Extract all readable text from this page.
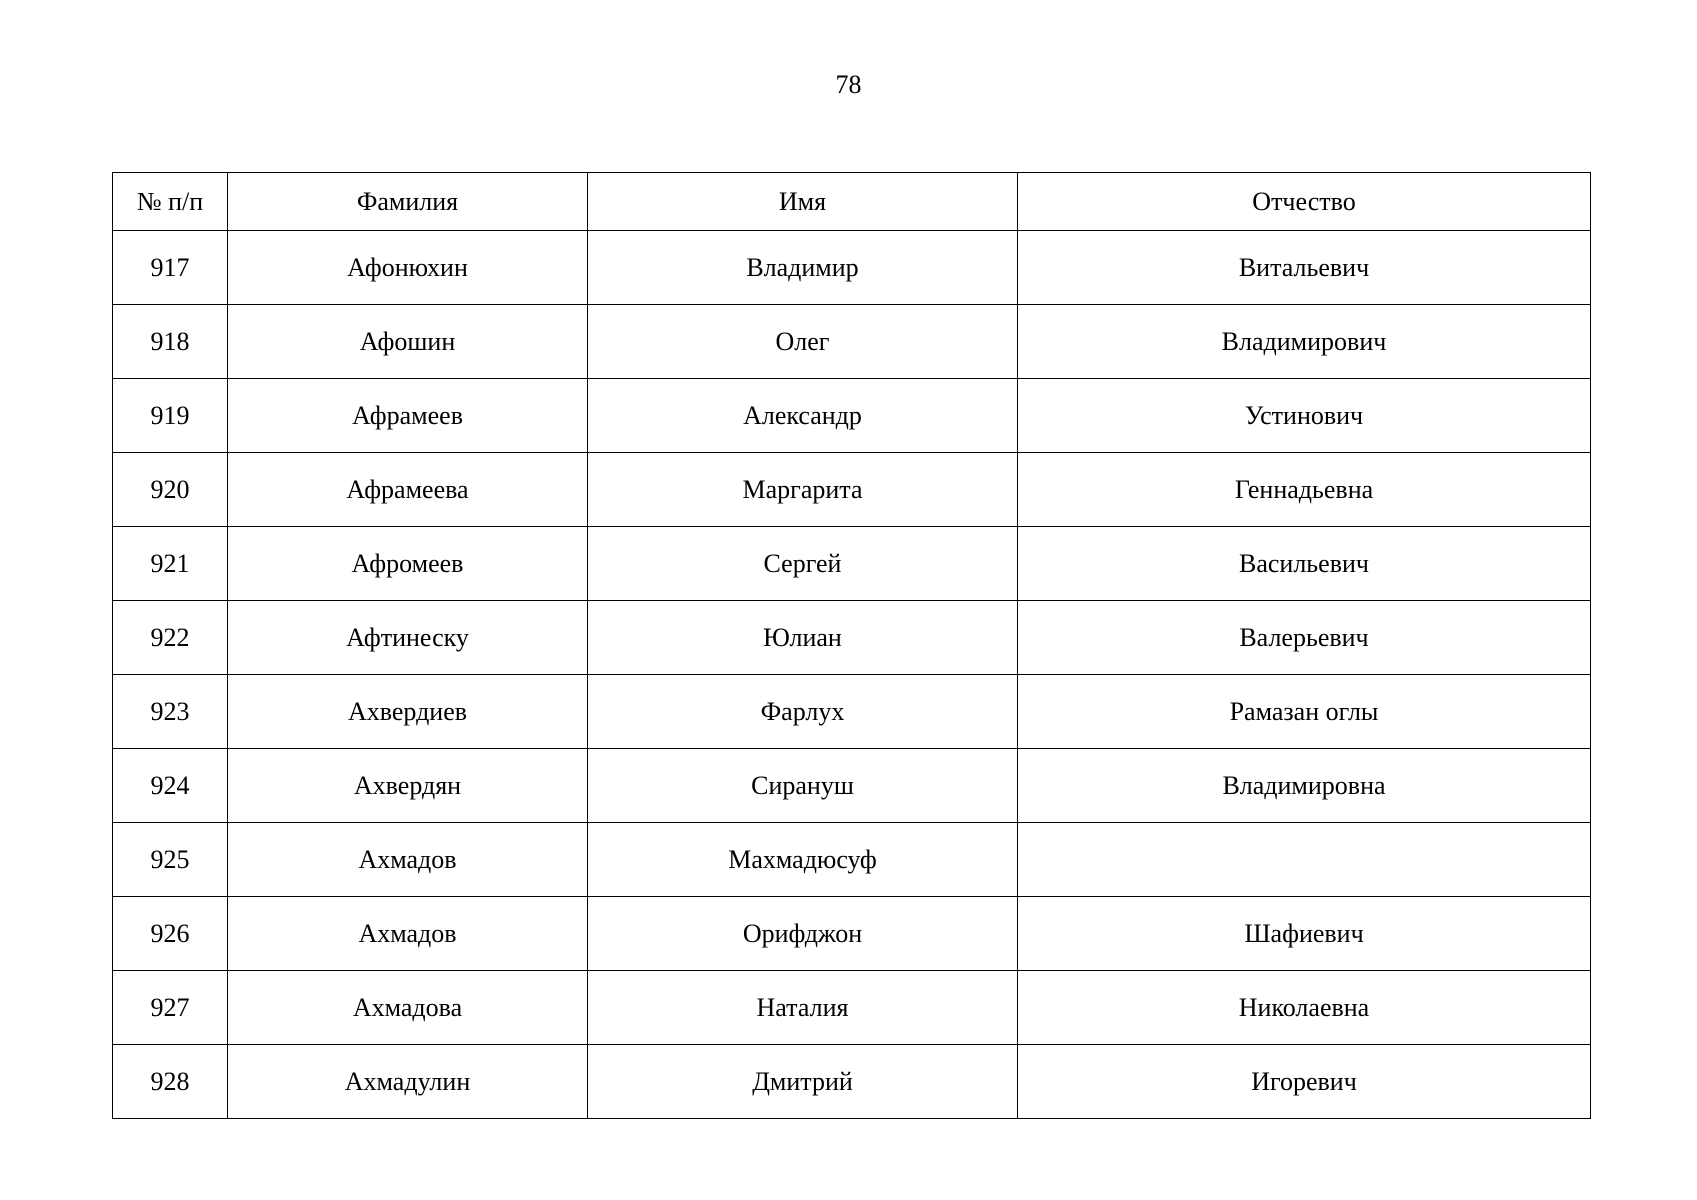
78
№ п/п	Фамилия	Имя	Отчество
917	Афонюхин	Владимир	Витальевич
918	Афошин	Олег	Владимирович
919	Афрамеев	Александр	Устинович
920	Афрамеева	Маргарита	Геннадьевна
921	Афромеев	Сергей	Васильевич
922	Афтинеску	Юлиан	Валерьевич
923	Ахвердиев	Фарлух	Рамазан оглы
924	Ахвердян	Сирануш	Владимировна
925	Ахмадов	Махмадюсуф	
926	Ахмадов	Орифджон	Шафиевич
927	Ахмадова	Наталия	Николаевна
928	Ахмадулин	Дмитрий	Игоревич
